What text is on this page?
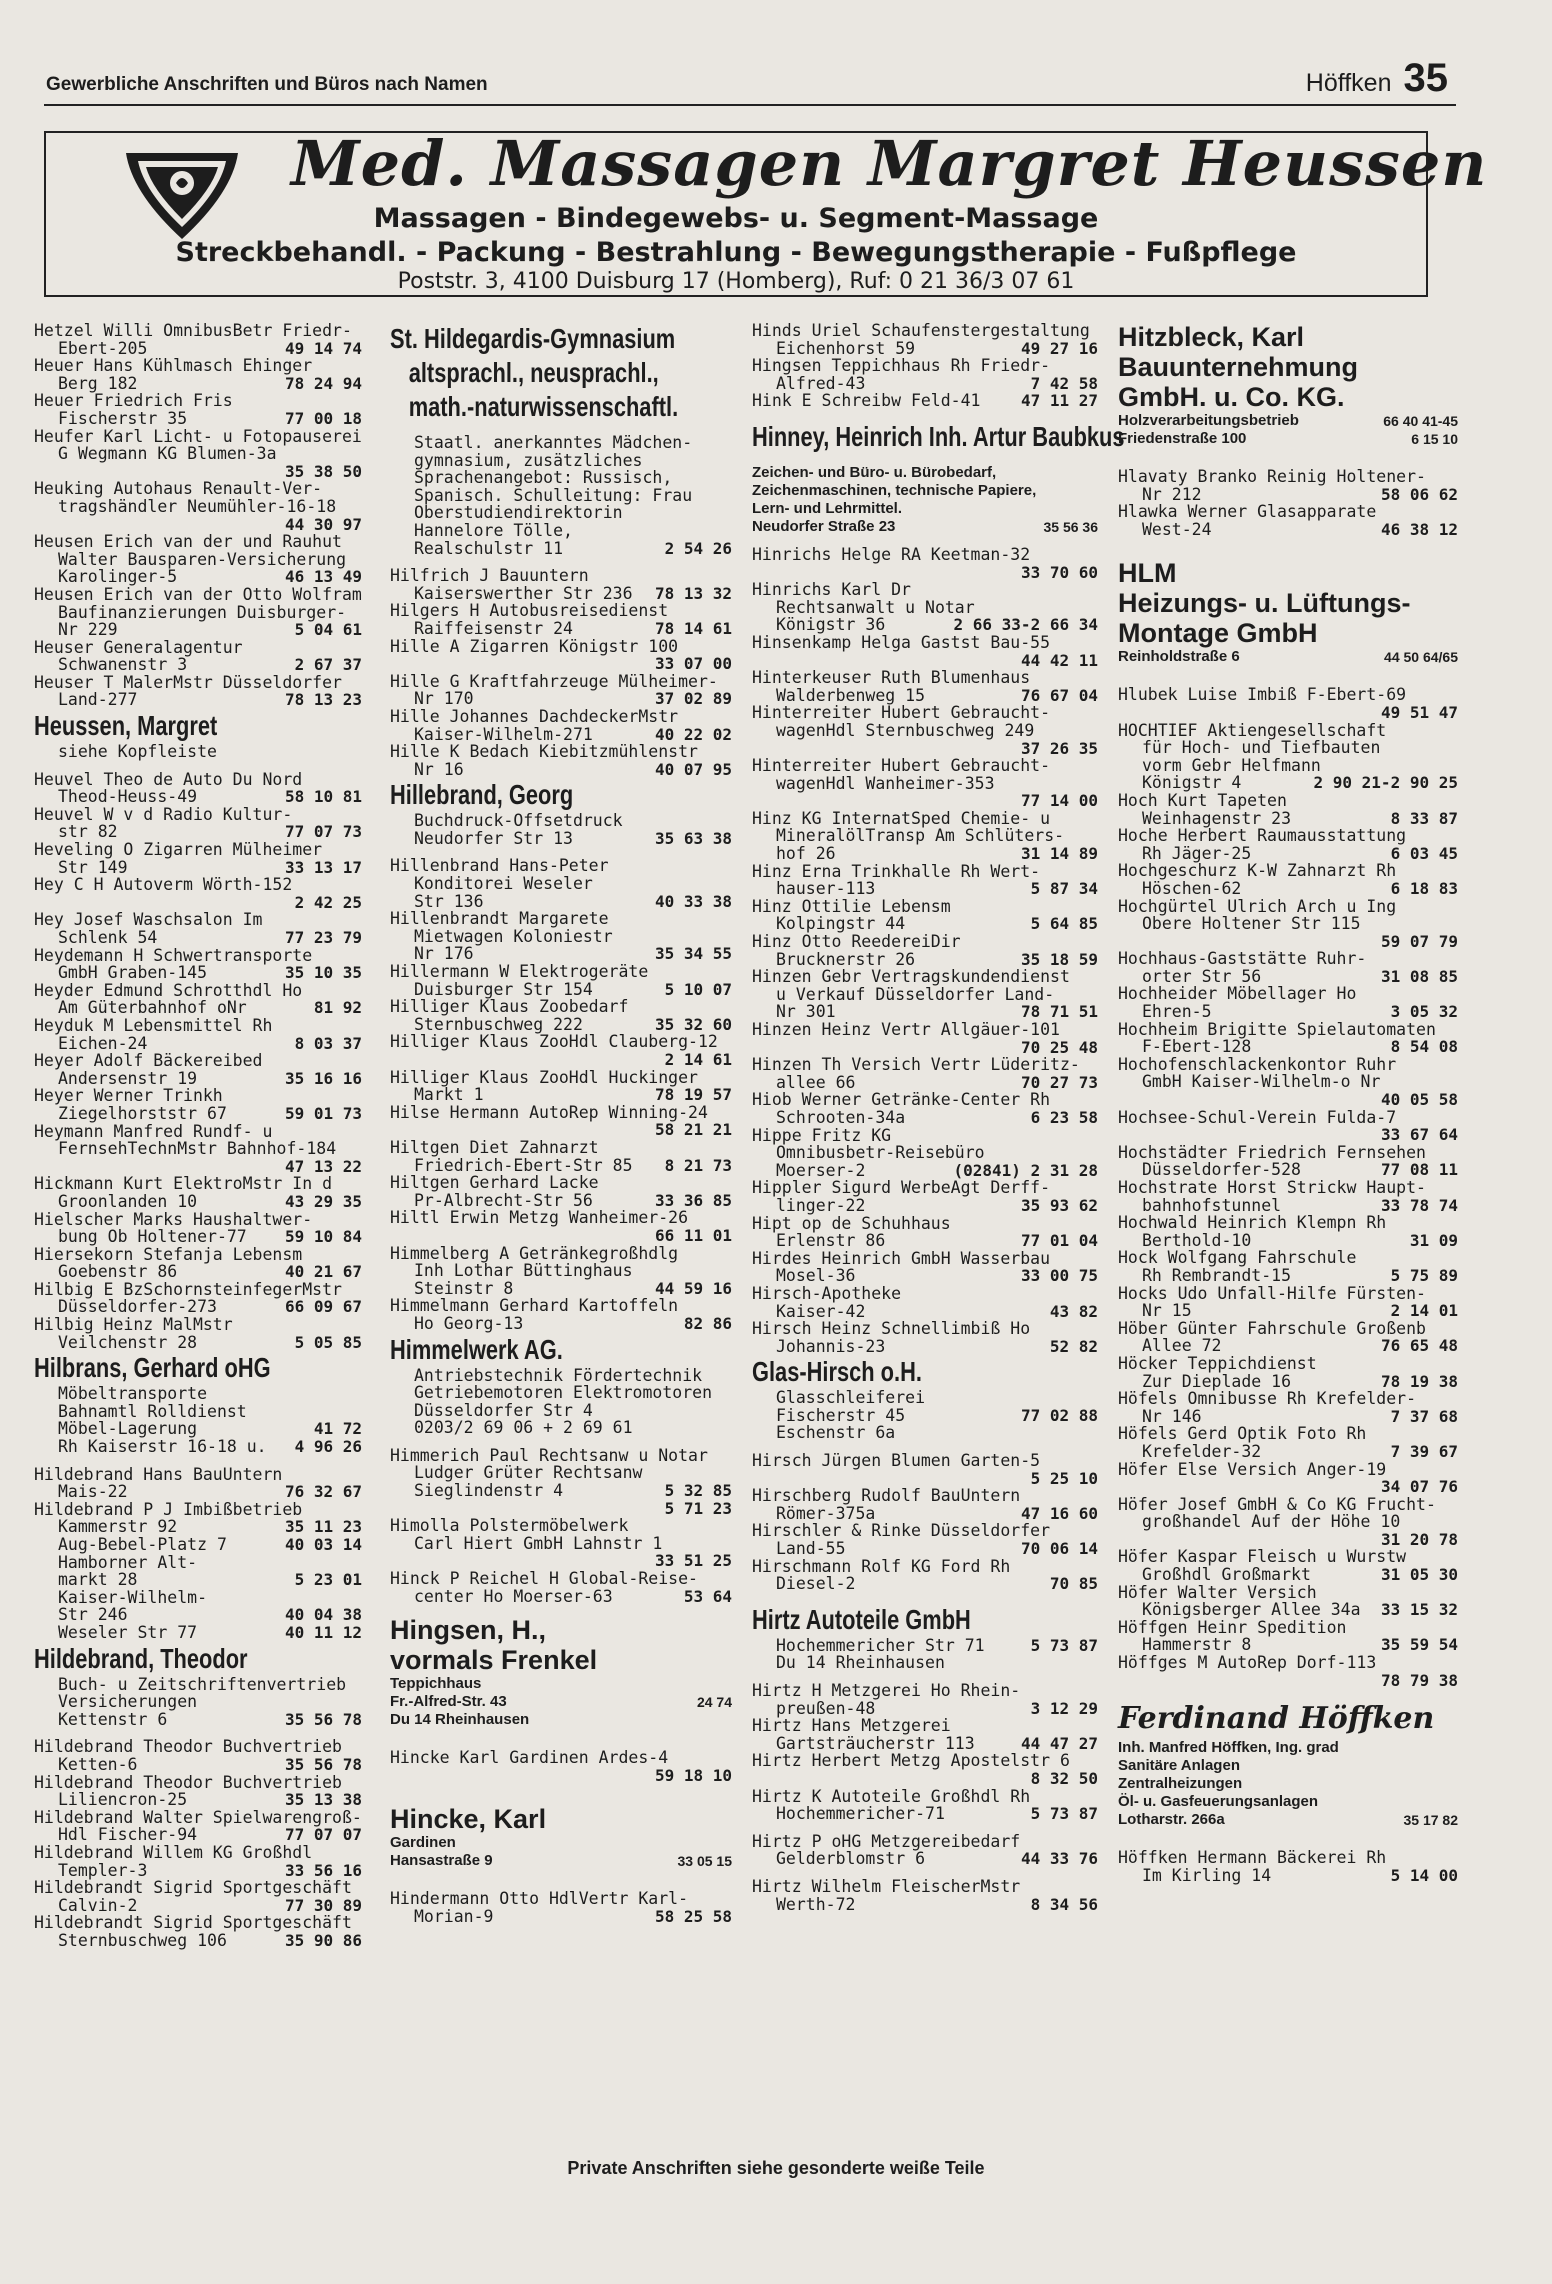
Gewerbliche Anschriften und Büros nach Namen	Höffken 35
Med. Massagen Margret Heussen
Massagen - Bindegewebs- u. Segment-Massage
Streckbehandl. - Packung - Bestrahlung - Bewegungstherapie - Fußpflege
Poststr. 3, 4100 Duisburg 17 (Homberg), Ruf: 0 21 36/3 07 61
Hetzel Willi OmnibusBetr Friedr-
Ebert-205	49 14 74
Heuer Hans Kühlmasch Ehinger
Berg 182	78 24 94
Heuer Friedrich Fris
Fischerstr 35	77 00 18
Heufer Karl Licht- u Fotopauserei
G Wegmann KG Blumen-3a

35 38 50
Heuking Autohaus Renault-Ver-
tragshändler Neumühler-16-18

44 30 97
Heusen Erich van der und Rauhut
Walter Bausparen-Versicherung
Karolinger-5	46 13 49
Heusen Erich van der Otto Wolfram
Baufinanzierungen Duisburger-
Nr 229	5 04 61
Heuser Generalagentur
Schwanenstr 3	2 67 37
Heuser T MalerMstr Düsseldorfer
Land-277	78 13 23
Heussen, Margret
siehe Kopfleiste
Heuvel Theo de Auto Du Nord
Theod-Heuss-49	58 10 81
Heuvel W v d Radio Kultur-
str 82	77 07 73
Heveling O Zigarren Mülheimer
Str 149	33 13 17
Hey C H Autoverm Wörth-152

2 42 25
Hey Josef Waschsalon Im
Schlenk 54	77 23 79
Heydemann H Schwertransporte
GmbH Graben-145	35 10 35
Heyder Edmund Schrotthdl Ho
Am Güterbahnhof oNr	81 92
Heyduk M Lebensmittel Rh
Eichen-24	8 03 37
Heyer Adolf Bäckereibed
Andersenstr 19	35 16 16
Heyer Werner Trinkh
Ziegelhorststr 67	59 01 73
Heymann Manfred Rundf- u
FernsehTechnMstr Bahnhof-184

47 13 22
Hickmann Kurt ElektroMstr In d
Groonlanden 10	43 29 35
Hielscher Marks Haushaltwer-
bung Ob Holtener-77	59 10 84
Hiersekorn Stefanja Lebensm
Goebenstr 86	40 21 67
Hilbig E BzSchornsteinfegerMstr
Düsseldorfer-273	66 09 67
Hilbig Heinz MalMstr
Veilchenstr 28	5 05 85
Hilbrans, Gerhard oHG
Möbeltransporte
Bahnamtl Rolldienst
Möbel-Lagerung	41 72
Rh Kaiserstr 16-18 u.	4 96 26
Hildebrand Hans BauUntern
Mais-22	76 32 67
Hildebrand P J Imbißbetrieb
Kammerstr 92	35 11 23
Aug-Bebel-Platz 7	40 03 14
Hamborner Alt-
markt 28	5 23 01
Kaiser-Wilhelm-
Str 246	40 04 38
Weseler Str 77	40 11 12
Hildebrand, Theodor
Buch- u Zeitschriftenvertrieb
Versicherungen
Kettenstr 6	35 56 78
Hildebrand Theodor Buchvertrieb
Ketten-6	35 56 78
Hildebrand Theodor Buchvertrieb
Liliencron-25	35 13 38
Hildebrand Walter Spielwarengroß-
Hdl Fischer-94	77 07 07
Hildebrand Willem KG Großhdl
Templer-3	33 56 16
Hildebrandt Sigrid Sportgeschäft
Calvin-2	77 30 89
Hildebrandt Sigrid Sportgeschäft
Sternbuschweg 106	35 90 86
St. Hildegardis-Gymnasium
altsprachl., neusprachl.,
math.-naturwissenschaftl.
Staatl. anerkanntes Mädchen-
gymnasium, zusätzliches
Sprachenangebot: Russisch,
Spanisch. Schulleitung: Frau
Oberstudiendirektorin
Hannelore Tölle,
Realschulstr 11	2 54 26
Hilfrich J Bauuntern
Kaiserswerther Str 236	78 13 32
Hilgers H Autobusreisedienst
Raiffeisenstr 24	78 14 61
Hille A Zigarren Königstr 100

33 07 00
Hille G Kraftfahrzeuge Mülheimer-
Nr 170	37 02 89
Hille Johannes DachdeckerMstr
Kaiser-Wilhelm-271	40 22 02
Hille K Bedach Kiebitzmühlenstr
Nr 16	40 07 95
Hillebrand, Georg
Buchdruck-Offsetdruck
Neudorfer Str 13	35 63 38
Hillenbrand Hans-Peter
Konditorei Weseler
Str 136	40 33 38
Hillenbrandt Margarete
Mietwagen Koloniestr
Nr 176	35 34 55
Hillermann W Elektrogeräte
Duisburger Str 154	5 10 07
Hilliger Klaus Zoobedarf
Sternbuschweg 222	35 32 60
Hilliger Klaus ZooHdl Clauberg-12

2 14 61
Hilliger Klaus ZooHdl Huckinger
Markt 1	78 19 57
Hilse Hermann AutoRep Winning-24

58 21 21
Hiltgen Diet Zahnarzt
Friedrich-Ebert-Str 85	8 21 73
Hiltgen Gerhard Lacke
Pr-Albrecht-Str 56	33 36 85
Hiltl Erwin Metzg Wanheimer-26

66 11 01
Himmelberg A Getränkegroßhdlg
Inh Lothar Büttinghaus
Steinstr 8	44 59 16
Himmelmann Gerhard Kartoffeln
Ho Georg-13	82 86
Himmelwerk AG.
Antriebstechnik Fördertechnik
Getriebemotoren Elektromotoren
Düsseldorfer Str 4
0203/2 69 06 + 2 69 61
Himmerich Paul Rechtsanw u Notar
Ludger Grüter Rechtsanw
Sieglindenstr 4	5 32 85

5 71 23
Himolla Polstermöbelwerk
Carl Hiert GmbH Lahnstr 1

33 51 25
Hinck P Reichel H Global-Reise-
center Ho Moerser-63	53 64
Hingsen, H.,
vormals Frenkel
Teppichhaus
Fr.-Alfred-Str. 43	24 74
Du 14 Rheinhausen
Hincke Karl Gardinen Ardes-4

59 18 10
Hincke, Karl
Gardinen
Hansastraße 9	33 05 15
Hindermann Otto HdlVertr Karl-
Morian-9	58 25 58
Hinds Uriel Schaufenstergestaltung
Eichenhorst 59	49 27 16
Hingsen Teppichhaus Rh Friedr-
Alfred-43	7 42 58
Hink E Schreibw Feld-41	47 11 27
Hinney, Heinrich Inh. Artur Baubkus
Zeichen- und Büro- u. Bürobedarf,
Zeichenmaschinen, technische Papiere,
Lern- und Lehrmittel.
Neudorfer Straße 23	35 56 36
Hinrichs Helge RA Keetman-32

33 70 60
Hinrichs Karl Dr
Rechtsanwalt u Notar
Königstr 36	2 66 33-2 66 34
Hinsenkamp Helga Gastst Bau-55

44 42 11
Hinterkeuser Ruth Blumenhaus
Walderbenweg 15	76 67 04
Hinterreiter Hubert Gebraucht-
wagenHdl Sternbuschweg 249

37 26 35
Hinterreiter Hubert Gebraucht-
wagenHdl Wanheimer-353

77 14 00
Hinz KG InternatSped Chemie- u
MineralölTransp Am Schlüters-
hof 26	31 14 89
Hinz Erna Trinkhalle Rh Wert-
hauser-113	5 87 34
Hinz Ottilie Lebensm
Kolpingstr 44	5 64 85
Hinz Otto ReedereiDir
Brucknerstr 26	35 18 59
Hinzen Gebr Vertragskundendienst
u Verkauf Düsseldorfer Land-
Nr 301	78 71 51
Hinzen Heinz Vertr Allgäuer-101

70 25 48
Hinzen Th Versich Vertr Lüderitz-
allee 66	70 27 73
Hiob Werner Getränke-Center Rh
Schrooten-34a	6 23 58
Hippe Fritz KG
Omnibusbetr-Reisebüro
Moerser-2	(02841) 2 31 28
Hippler Sigurd WerbeAgt Derff-
linger-22	35 93 62
Hipt op de Schuhhaus
Erlenstr 86	77 01 04
Hirdes Heinrich GmbH Wasserbau
Mosel-36	33 00 75
Hirsch-Apotheke
Kaiser-42	43 82
Hirsch Heinz Schnellimbiß Ho
Johannis-23	52 82
Glas-Hirsch o.H.
Glasschleiferei
Fischerstr 45	77 02 88
Eschenstr 6a
Hirsch Jürgen Blumen Garten-5

5 25 10
Hirschberg Rudolf BauUntern
Römer-375a	47 16 60
Hirschler & Rinke Düsseldorfer
Land-55	70 06 14
Hirschmann Rolf KG Ford Rh
Diesel-2	70 85
Hirtz Autoteile GmbH
Hochemmericher Str 71	5 73 87
Du 14 Rheinhausen
Hirtz H Metzgerei Ho Rhein-
preußen-48	3 12 29
Hirtz Hans Metzgerei
Gartsträucherstr 113	44 47 27
Hirtz Herbert Metzg Apostelstr 6

8 32 50
Hirtz K Autoteile Großhdl Rh
Hochemmericher-71	5 73 87
Hirtz P oHG Metzgereibedarf
Gelderblomstr 6	44 33 76
Hirtz Wilhelm FleischerMstr
Werth-72	8 34 56
Hitzbleck, Karl
Bauunternehmung
GmbH. u. Co. KG.
Holzverarbeitungsbetrieb	66 40 41-45
Friedenstraße 100	6 15 10
Hlavaty Branko Reinig Holtener-
Nr 212	58 06 62
Hlawka Werner Glasapparate
West-24	46 38 12
HLM
Heizungs- u. Lüftungs-
Montage GmbH
Reinholdstraße 6	44 50 64/65
Hlubek Luise Imbiß F-Ebert-69

49 51 47
HOCHTIEF Aktiengesellschaft
für Hoch- und Tiefbauten
vorm Gebr Helfmann
Königstr 4	2 90 21-2 90 25
Hoch Kurt Tapeten
Weinhagenstr 23	8 33 87
Hoche Herbert Raumausstattung
Rh Jäger-25	6 03 45
Hochgeschurz K-W Zahnarzt Rh
Höschen-62	6 18 83
Hochgürtel Ulrich Arch u Ing
Obere Holtener Str 115

59 07 79
Hochhaus-Gaststätte Ruhr-
orter Str 56	31 08 85
Hochheider Möbellager Ho
Ehren-5	3 05 32
Hochheim Brigitte Spielautomaten
F-Ebert-128	8 54 08
Hochofenschlackenkontor Ruhr
GmbH Kaiser-Wilhelm-o Nr

40 05 58
Hochsee-Schul-Verein Fulda-7

33 67 64
Hochstädter Friedrich Fernsehen
Düsseldorfer-528	77 08 11
Hochstrate Horst Strickw Haupt-
bahnhofstunnel	33 78 74
Hochwald Heinrich Klempn Rh
Berthold-10	31 09
Hock Wolfgang Fahrschule
Rh Rembrandt-15	5 75 89
Hocks Udo Unfall-Hilfe Fürsten-
Nr 15	2 14 01
Höber Günter Fahrschule Großenb
Allee 72	76 65 48
Höcker Teppichdienst
Zur Dieplade 16	78 19 38
Höfels Omnibusse Rh Krefelder-
Nr 146	7 37 68
Höfels Gerd Optik Foto Rh
Krefelder-32	7 39 67
Höfer Else Versich Anger-19

34 07 76
Höfer Josef GmbH & Co KG Frucht-
großhandel Auf der Höhe 10

31 20 78
Höfer Kaspar Fleisch u Wurstw
Großhdl Großmarkt	31 05 30
Höfer Walter Versich
Königsberger Allee 34a	33 15 32
Höffgen Heinr Spedition
Hammerstr 8	35 59 54
Höffges M AutoRep Dorf-113

78 79 38
Ferdinand Höffken
Inh. Manfred Höffken, Ing. grad
Sanitäre Anlagen
Zentralheizungen
Öl- u. Gasfeuerungsanlagen
Lotharstr. 266a	35 17 82
Höffken Hermann Bäckerei Rh
Im Kirling 14	5 14 00
Private Anschriften siehe gesonderte weiße Teile
